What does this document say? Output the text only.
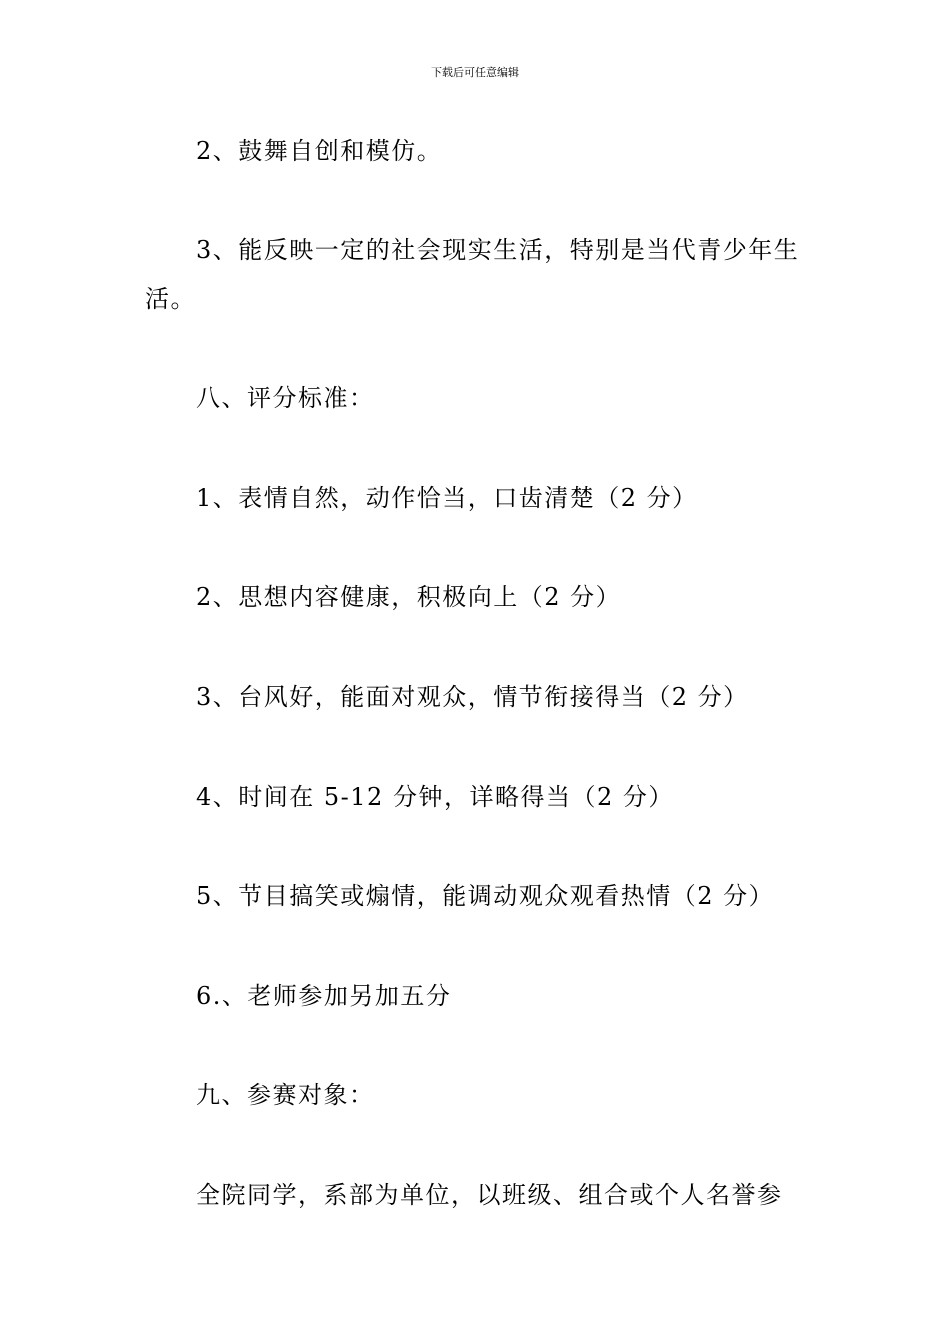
下载后可任意编辑
2、鼓舞自创和模仿。
3、能反映一定的社会现实生活，特别是当代青少年生
活。
八、评分标准：
1、表情自然，动作恰当，口齿清楚（2 分）
2、思想内容健康，积极向上（2 分）
3、台风好，能面对观众，情节衔接得当（2 分）
4、时间在 5-12 分钟，详略得当（2 分）
5、节目搞笑或煽情，能调动观众观看热情（2 分）
6.、老师参加另加五分
九、参赛对象：
全院同学，系部为单位，以班级、组合或个人名誉参
